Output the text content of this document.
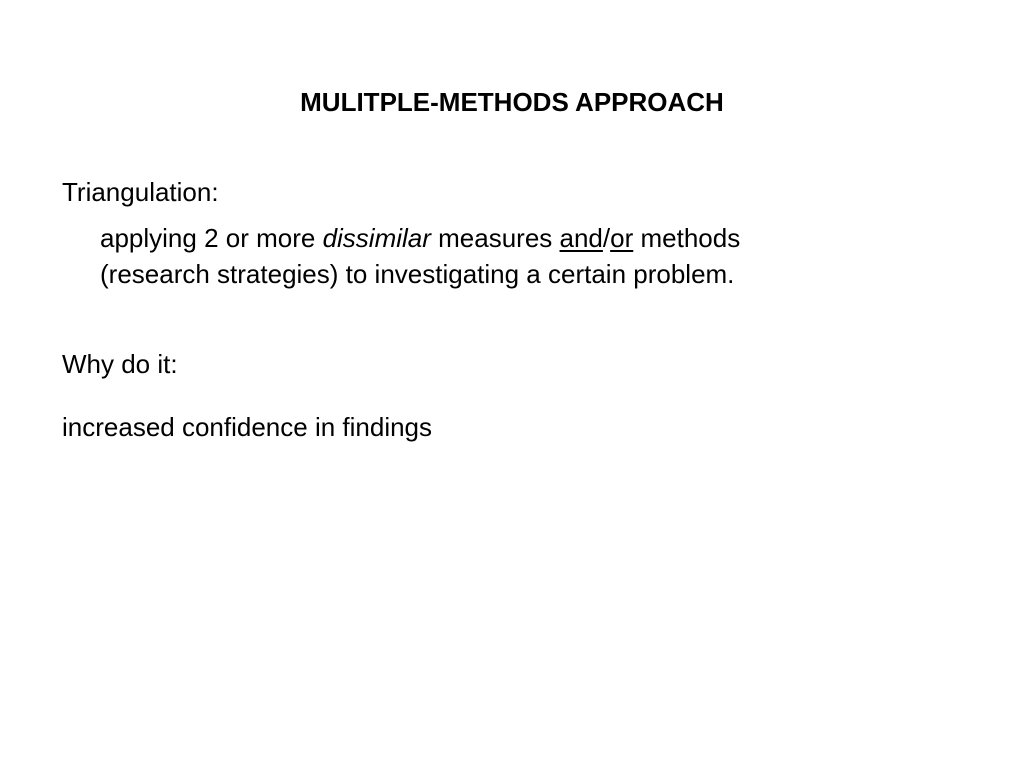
MULITPLE-METHODS APPROACH

Triangulation:

applying 2 or more dissimilar measures and/or methods

(research strategies) to investigating a certain problem.

Why do it:

increased confidence in findings
